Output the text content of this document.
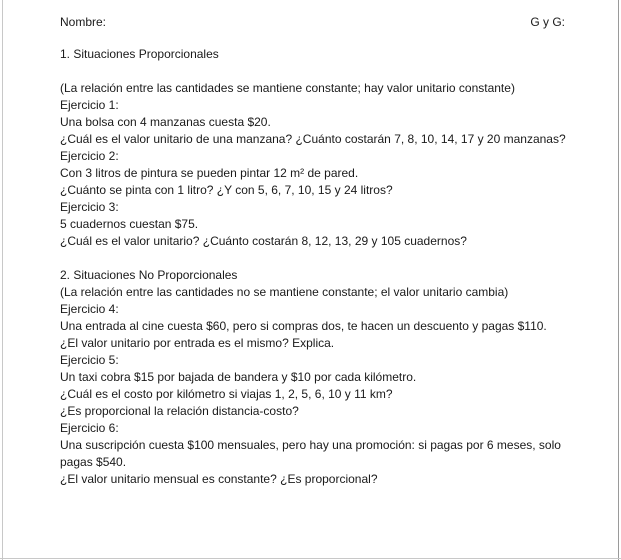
Nombre:	G y G:

1. Situaciones Proporcionales

(La relación entre las cantidades se mantiene constante; hay valor unitario constante)

Ejercicio 1:

Una bolsa con 4 manzanas cuesta $20.

¿Cuál es el valor unitario de una manzana? ¿Cuánto costarán 7, 8, 10, 14, 17 y 20 manzanas?

Ejercicio 2:

Con 3 litros de pintura se pueden pintar 12 m² de pared.

¿Cuánto se pinta con 1 litro? ¿Y con 5, 6, 7, 10, 15 y 24 litros?

Ejercicio 3:

5 cuadernos cuestan $75.

¿Cuál es el valor unitario? ¿Cuánto costarán 8, 12, 13, 29 y 105 cuadernos?

2. Situaciones No Proporcionales

(La relación entre las cantidades no se mantiene constante; el valor unitario cambia)

Ejercicio 4:

Una entrada al cine cuesta $60, pero si compras dos, te hacen un descuento y pagas $110.

¿El valor unitario por entrada es el mismo? Explica.

Ejercicio 5:

Un taxi cobra $15 por bajada de bandera y $10 por cada kilómetro.

¿Cuál es el costo por kilómetro si viajas 1, 2, 5, 6, 10 y 11 km?

¿Es proporcional la relación distancia-costo?

Ejercicio 6:

Una suscripción cuesta $100 mensuales, pero hay una promoción: si pagas por 6 meses, solo

pagas $540.

¿El valor unitario mensual es constante? ¿Es proporcional?
